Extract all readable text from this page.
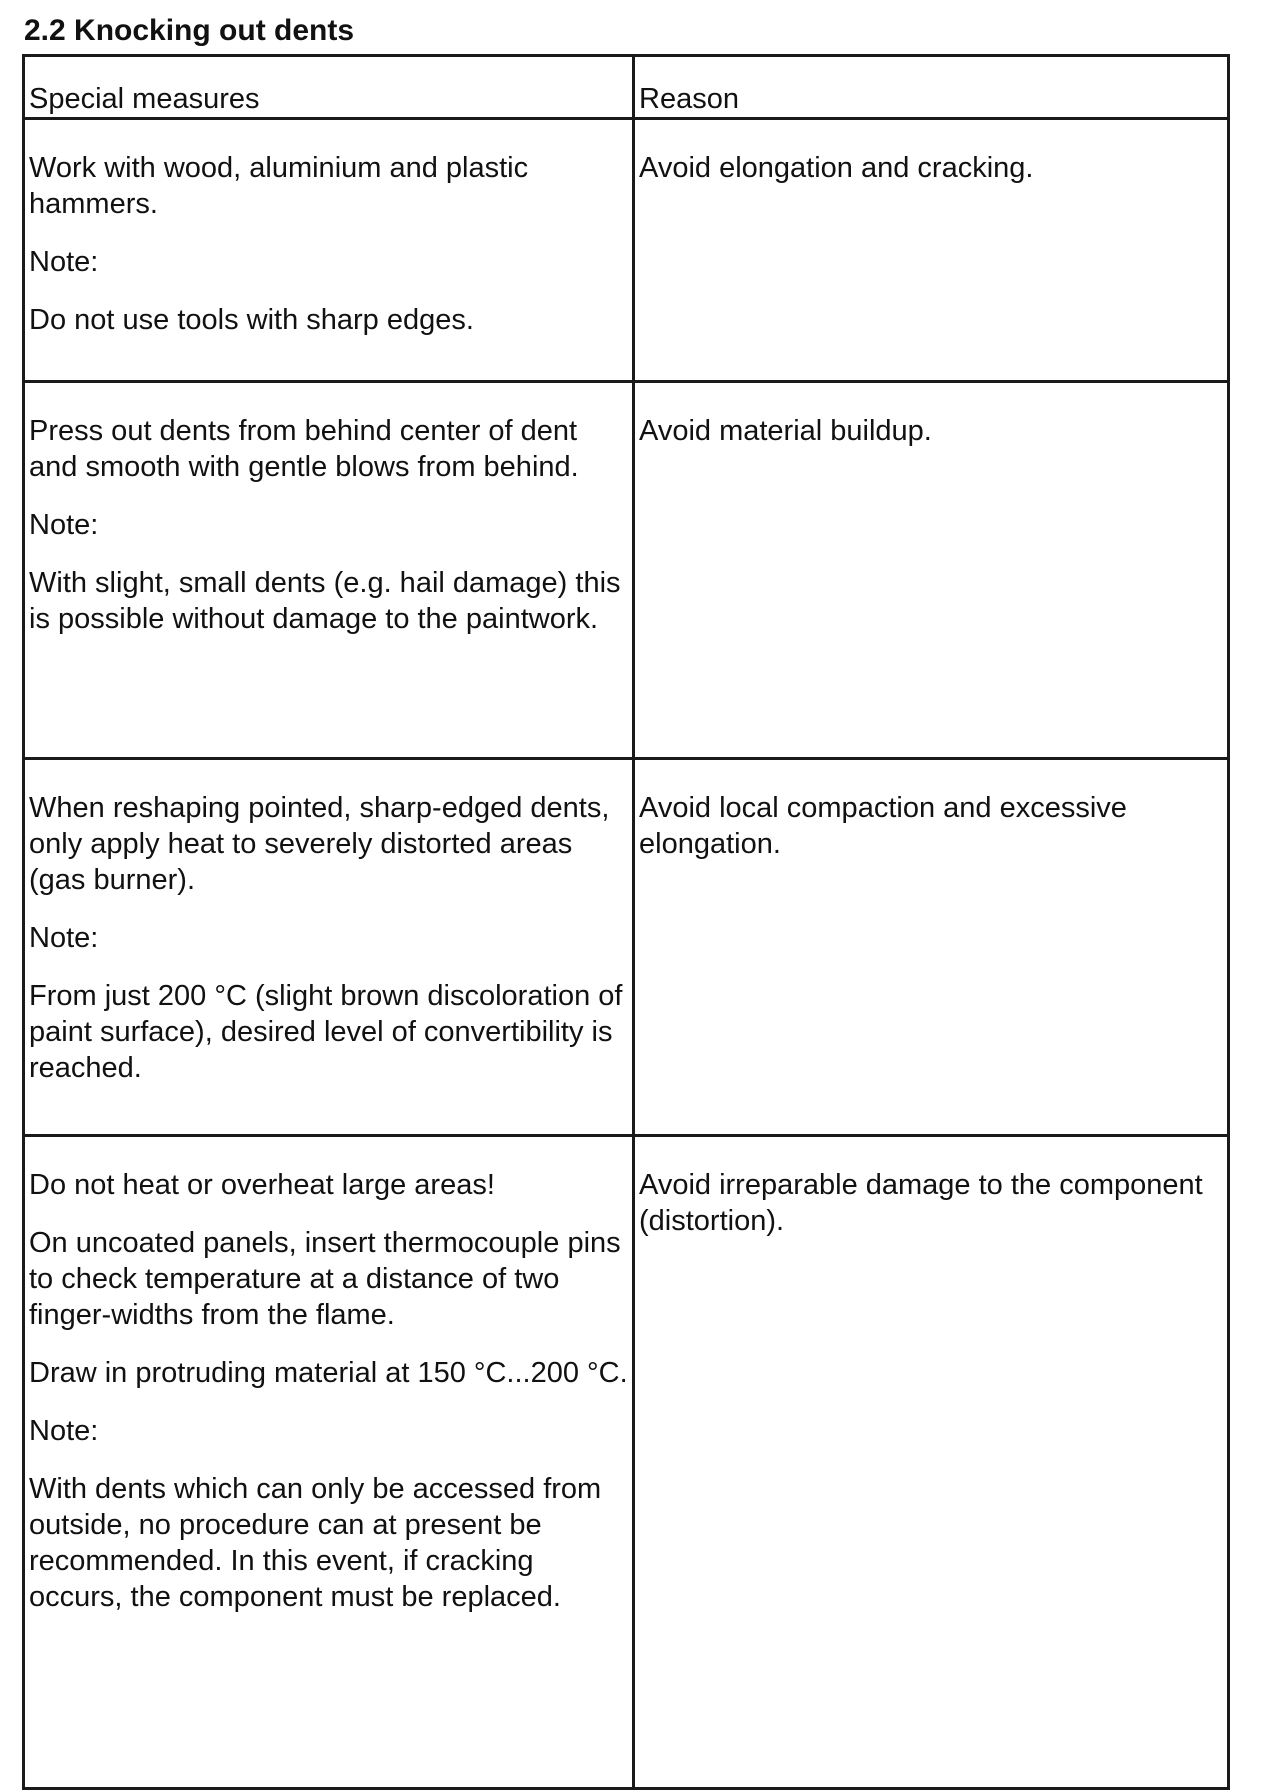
2.2 Knocking out dents
Special measures	Reason

Work with wood, aluminium and plastic hammers.

Note:

Do not use tools with sharp edges.	Avoid elongation and cracking.

Press out dents from behind center of dent and smooth with gentle blows from behind.

Note:

With slight, small dents (e.g. hail damage) this is possible without damage to the paintwork.	Avoid material buildup.

When reshaping pointed, sharp-edged dents, only apply heat to severely distorted areas (gas burner).

Note:

From just 200 °C (slight brown discoloration of paint surface), desired level of convertibility is reached.	Avoid local compaction and excessive elongation.

Do not heat or overheat large areas!

On uncoated panels, insert thermocouple pins to check temperature at a distance of two finger-widths from the flame.

Draw in protruding material at 150 °C...200 °C.

Note:

With dents which can only be accessed from outside, no procedure can at present be recommended. In this event, if cracking occurs, the component must be replaced.	Avoid irreparable damage to the component (distortion).
